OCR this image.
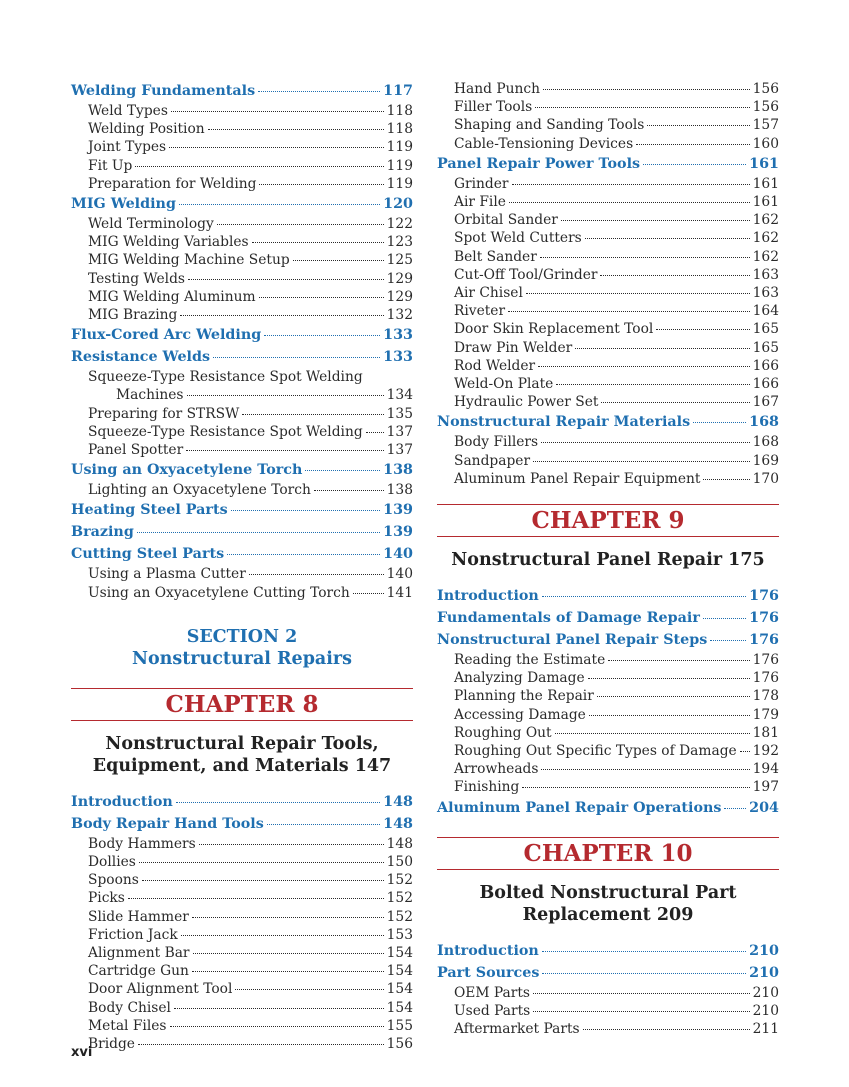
Welding Fundamentals	117
Weld Types	118
Welding Position	118
Joint Types	119
Fit Up	119
Preparation for Welding	119
MIG Welding	120
Weld Terminology	122
MIG Welding Variables	123
MIG Welding Machine Setup	125
Testing Welds	129
MIG Welding Aluminum	129
MIG Brazing	132
Flux-Cored Arc Welding	133
Resistance Welds	133
Squeeze-Type Resistance Spot Welding
Machines	134
Preparing for STRSW	135
Squeeze-Type Resistance Spot Welding 137
Panel Spotter	137
Using an Oxyacetylene Torch	138
Lighting an Oxyacetylene Torch	138
Heating Steel Parts	139
Brazing	139
Cutting Steel Parts	140
Using a Plasma Cutter	140
Using an Oxyacetylene Cutting Torch	141
SECTION 2
Nonstructural Repairs
CHAPTER 8
Nonstructural Repair Tools,
Equipment, and Materials 147
Introduction	148
Body Repair Hand Tools	148
Body Hammers	148
Dollies	150
Spoons	152
Picks	152
Slide Hammer	152
Friction Jack	153
Alignment Bar	154
Cartridge Gun	154
Door Alignment Tool	154
Body Chisel	154
Metal Files	155
Bridge	156
Hand Punch	156
Filler Tools	156
Shaping and Sanding Tools	157
Cable-Tensioning Devices	160
Panel Repair Power Tools	161
Grinder	161
Air File	161
Orbital Sander	162
Spot Weld Cutters	162
Belt Sander	162
Cut-Off Tool/Grinder	163
Air Chisel	163
Riveter	164
Door Skin Replacement Tool	165
Draw Pin Welder	165
Rod Welder	166
Weld-On Plate	166
Hydraulic Power Set	167
Nonstructural Repair Materials	168
Body Fillers	168
Sandpaper	169
Aluminum Panel Repair Equipment	170
CHAPTER 9
Nonstructural Panel Repair 175
Introduction	176
Fundamentals of Damage Repair	176
Nonstructural Panel Repair Steps	176
Reading the Estimate	176
Analyzing Damage	176
Planning the Repair	178
Accessing Damage	179
Roughing Out	181
Roughing Out Specific Types of Damage 192
Arrowheads	194
Finishing	197
Aluminum Panel Repair Operations 204
CHAPTER 10
Bolted Nonstructural Part
Replacement 209
Introduction	210
Part Sources	210
OEM Parts	210
Used Parts	210
Aftermarket Parts	211
xvi
